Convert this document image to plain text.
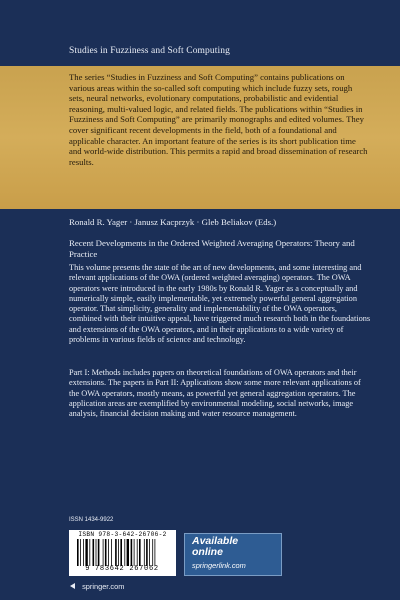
Studies in Fuzziness and Soft Computing
The series “Studies in Fuzziness and Soft Computing” contains publications on various areas within the so-called soft computing which include fuzzy sets, rough sets, neural networks, evolutionary computations, probabilistic and evidential reasoning, multi-valued logic, and related fields. The publications within “Studies in Fuzziness and Soft Computing” are primarily monographs and edited volumes. They cover significant recent developments in the field, both of a foundational and applicable character. An important feature of the series is its short publication time and world-wide distribution. This permits a rapid and broad dissemination of research results.
Ronald R. Yager · Janusz Kacprzyk · Gleb Beliakov (Eds.)
Recent Developments in the Ordered Weighted Averaging Operators: Theory and Practice
This volume presents the state of the art of new developments, and some interesting and relevant applications of the OWA (ordered weighted averaging) operators. The OWA operators were introduced in the early 1980s by Ronald R. Yager as a conceptually and numerically simple, easily implementable, yet extremely powerful general aggregation operator. That simplicity, generality and implementability of the OWA operators, combined with their intuitive appeal, have triggered much research both in the foundations and extensions of the OWA operators, and in their applications to a wide variety of problems in various fields of science and technology.
Part I: Methods includes papers on theoretical foundations of OWA operators and their extensions. The papers in Part II: Applications show some more relevant applications of the OWA operators, mostly means, as powerful yet general aggregation operators. The application areas are exemplified by environmental modeling, social networks, image analysis, financial decision making and water resource management.
ISSN 1434-9922
ISBN 978-3-642-26706-2
9 783642 267062
Available
online
springerlink.com
springer.com
